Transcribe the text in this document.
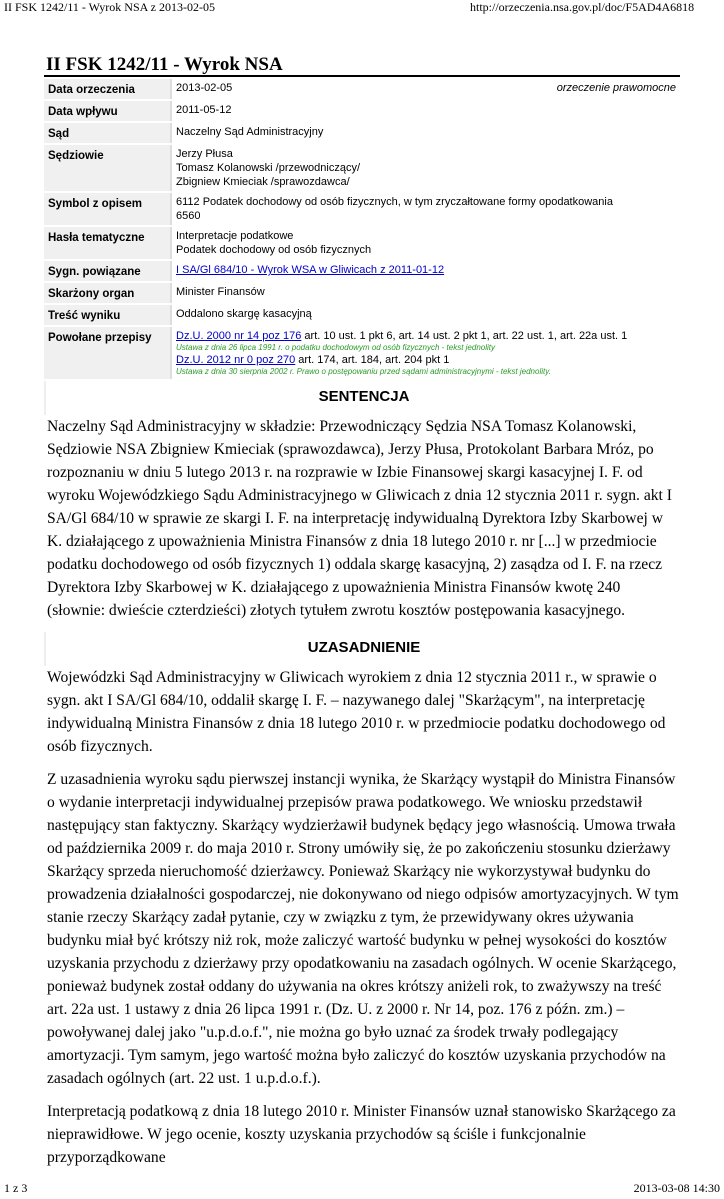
II FSK 1242/11 - Wyrok NSA z 2013-02-05	http://orzeczenia.nsa.gov.pl/doc/F5AD4A6818
II FSK 1242/11 - Wyrok NSA
Data orzeczenia	2013-02-05 orzeczenie prawomocne

Data wpływu	2011-05-12
Sąd	Naczelny Sąd Administracyjny
Sędziowie	Jerzy Płusa
Tomasz Kolanowski /przewodniczący/
Zbigniew Kmieciak /sprawozdawca/

Symbol z opisem	6112 Podatek dochodowy od osób fizycznych, w tym zryczałtowane formy opodatkowania
6560

Hasła tematyczne	Interpretacje podatkowe
Podatek dochodowy od osób fizycznych

Sygn. powiązane	I SA/Gl 684/10 - Wyrok WSA w Gliwicach z 2011-01-12
Skarżony organ	Minister Finansów
Treść wyniku	Oddalono skargę kasacyjną
Powołane przepisy	Dz.U. 2000 nr 14 poz 176 art. 10 ust. 1 pkt 6, art. 14 ust. 2 pkt 1, art. 22 ust. 1, art. 22a ust. 1
Ustawa z dnia 26 lipca 1991 r. o podatku dochodowym od osób fizycznych - tekst jednolity
Dz.U. 2012 nr 0 poz 270 art. 174, art. 184, art. 204 pkt 1
Ustawa z dnia 30 sierpnia 2002 r. Prawo o postępowaniu przed sądami administracyjnymi - tekst jednolity.
SENTENCJA

Naczelny Sąd Administracyjny w składzie: Przewodniczący Sędzia NSA Tomasz Kolanowski, Sędziowie NSA Zbigniew Kmieciak (sprawozdawca), Jerzy Płusa, Protokolant Barbara Mróz, po rozpoznaniu w dniu 5 lutego 2013 r. na rozprawie w Izbie Finansowej skargi kasacyjnej I. F. od wyroku Wojewódzkiego Sądu Administracyjnego w Gliwicach z dnia 12 stycznia 2011 r. sygn. akt I SA/Gl 684/10 w sprawie ze skargi I. F. na interpretację indywidualną Dyrektora Izby Skarbowej w K. działającego z upoważnienia Ministra Finansów z dnia 18 lutego 2010 r. nr [...] w przedmiocie podatku dochodowego od osób fizycznych 1) oddala skargę kasacyjną, 2) zasądza od I. F. na rzecz Dyrektora Izby Skarbowej w K. działającego z upoważnienia Ministra Finansów kwotę 240 (słownie: dwieście czterdzieści) złotych tytułem zwrotu kosztów postępowania kasacyjnego.

UZASADNIENIE

Wojewódzki Sąd Administracyjny w Gliwicach wyrokiem z dnia 12 stycznia 2011 r., w sprawie o sygn. akt I SA/Gl 684/10, oddalił skargę I. F. – nazywanego dalej "Skarżącym", na interpretację indywidualną Ministra Finansów z dnia 18 lutego 2010 r. w przedmiocie podatku dochodowego od osób fizycznych.

Z uzasadnienia wyroku sądu pierwszej instancji wynika, że Skarżący wystąpił do Ministra Finansów o wydanie interpretacji indywidualnej przepisów prawa podatkowego. We wniosku przedstawił następujący stan faktyczny. Skarżący wydzierżawił budynek będący jego własnością. Umowa trwała od października 2009 r. do maja 2010 r. Strony umówiły się, że po zakończeniu stosunku dzierżawy Skarżący sprzeda nieruchomość dzierżawcy. Ponieważ Skarżący nie wykorzystywał budynku do prowadzenia działalności gospodarczej, nie dokonywano od niego odpisów amortyzacyjnych. W tym stanie rzeczy Skarżący zadał pytanie, czy w związku z tym, że przewidywany okres używania budynku miał być krótszy niż rok, może zaliczyć wartość budynku w pełnej wysokości do kosztów uzyskania przychodu z dzierżawy przy opodatkowaniu na zasadach ogólnych. W ocenie Skarżącego, ponieważ budynek został oddany do używania na okres krótszy aniżeli rok, to zważywszy na treść art. 22a ust. 1 ustawy z dnia 26 lipca 1991 r. (Dz. U. z 2000 r. Nr 14, poz. 176 z późn. zm.) – powoływanej dalej jako "u.p.d.o.f.", nie można go było uznać za środek trwały podlegający amortyzacji. Tym samym, jego wartość można było zaliczyć do kosztów uzyskania przychodów na zasadach ogólnych (art. 22 ust. 1 u.p.d.o.f.).

Interpretacją podatkową z dnia 18 lutego 2010 r. Minister Finansów uznał stanowisko Skarżącego za nieprawidłowe. W jego ocenie, koszty uzyskania przychodów są ściśle i funkcjonalnie przyporządkowane

1 z 3	2013-03-08 14:30
